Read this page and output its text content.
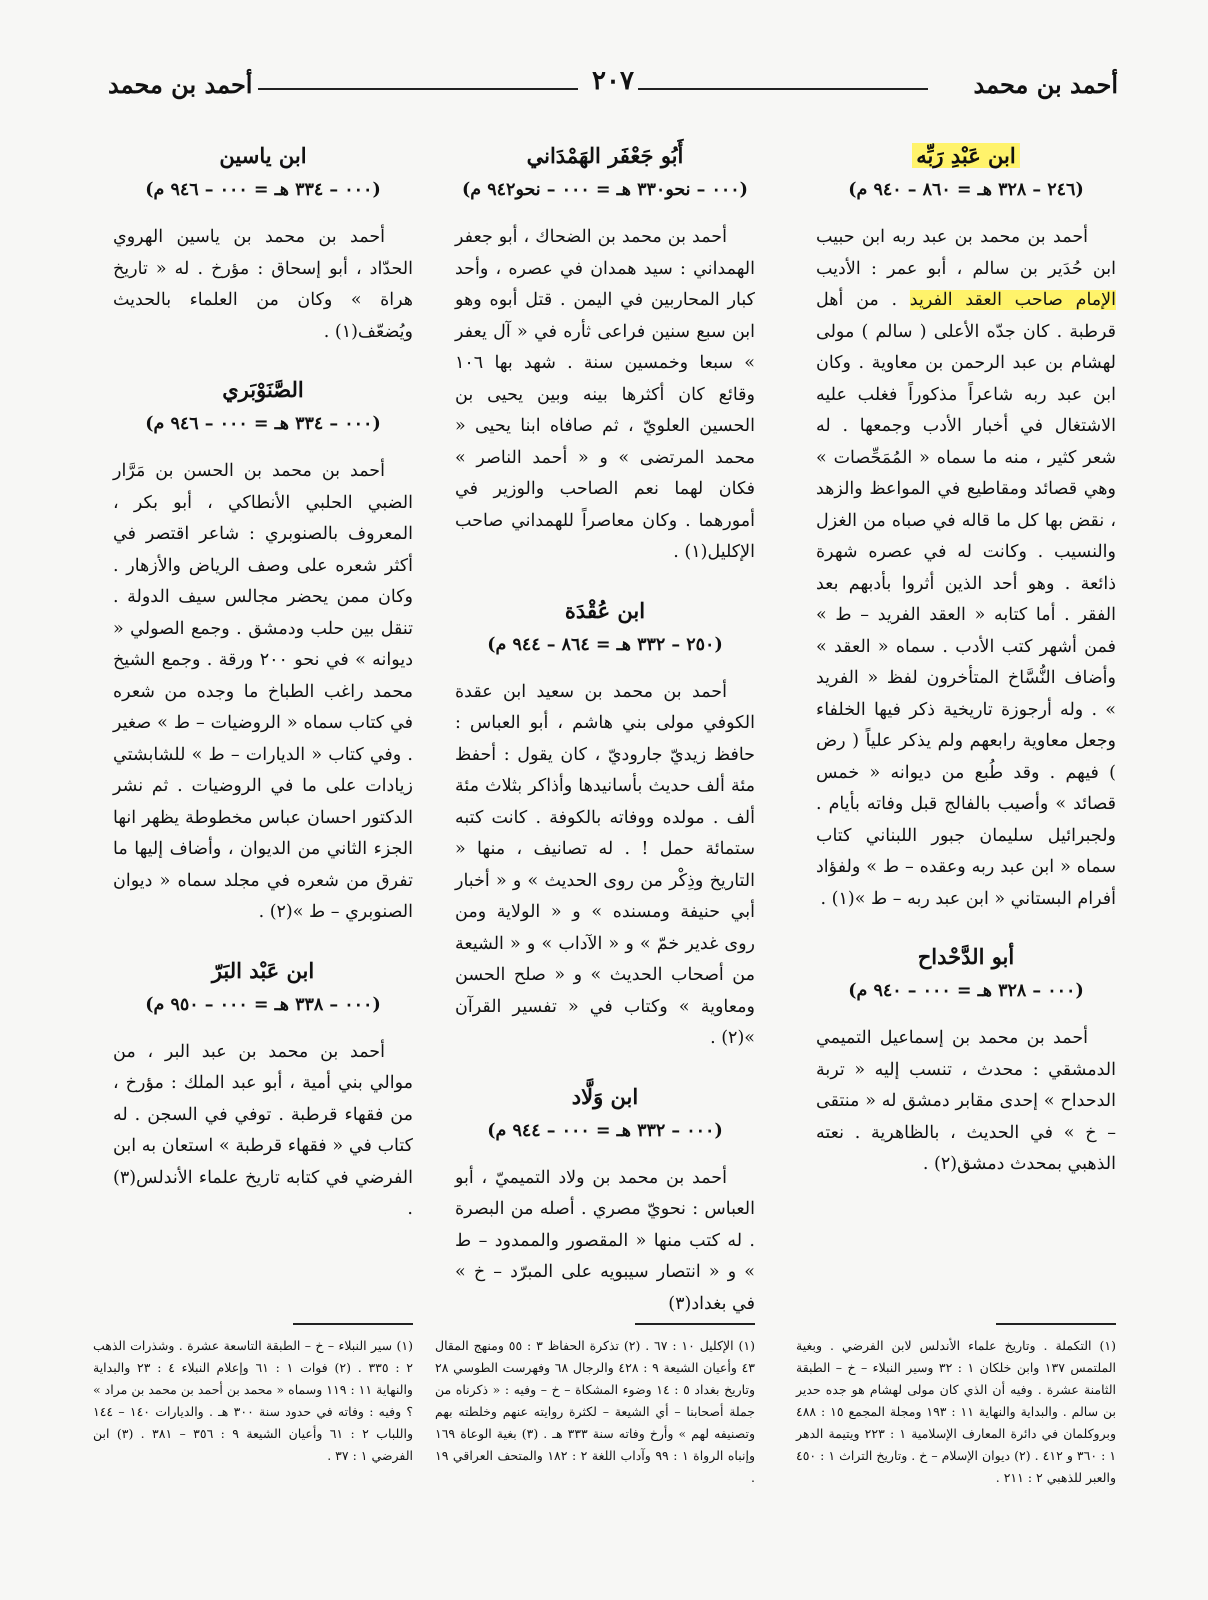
أحمد بن محمد
٢٠٧
أحمد بن محمد
ابن عَبْدِ رَبِّه
(٢٤٦ – ٣٢٨ هـ = ٨٦٠ – ٩٤٠ م)
أحمد بن محمد بن عبد ربه ابن حبيب ابن حُدَير بن سالم ، أبو عمر : الأديب الإمام صاحب العقد الفريد . من أهل قرطبة . كان جدّه الأعلى ( سالم ) مولى لهشام بن عبد الرحمن بن معاوية . وكان ابن عبد ربه شاعراً مذكوراً فغلب عليه الاشتغال في أخبار الأدب وجمعها . له شعر كثير ، منه ما سماه « المُمَحِّصات » وهي قصائد ومقاطيع في المواعظ والزهد ، نقض بها كل ما قاله في صباه من الغزل والنسيب . وكانت له في عصره شهرة ذائعة . وهو أحد الذين أثروا بأدبهم بعد الفقر . أما كتابه « العقد الفريد – ط » فمن أشهر كتب الأدب . سماه « العقد » وأضاف النُّسَّاخ المتأخرون لفظ « الفريد » . وله أرجوزة تاريخية ذكر فيها الخلفاء وجعل معاوية رابعهم ولم يذكر علياً ( رض ) فيهم . وقد طُبع من ديوانه « خمس قصائد » وأصيب بالفالج قبل وفاته بأيام . ولجبرائيل سليمان جبور اللبناني كتاب سماه « ابن عبد ربه وعقده – ط » ولفؤاد أفرام البستاني « ابن عبد ربه – ط »(١) .
أبو الدَّحْداح
(٠٠٠ – ٣٢٨ هـ = ٠٠٠ – ٩٤٠ م)
أحمد بن محمد بن إسماعيل التميمي الدمشقي : محدث ، تنسب إليه « تربة الدحداح » إحدى مقابر دمشق له « منتقى – خ » في الحديث ، بالظاهرية . نعته الذهبي بمحدث دمشق(٢) .
أَبُو جَعْفَر الهَمْدَاني
(٠٠٠ – نحو٣٣٠ هـ = ٠٠٠ – نحو٩٤٢ م)
أحمد بن محمد بن الضحاك ، أبو جعفر الهمداني : سيد همدان في عصره ، وأحد كبار المحاربين في اليمن . قتل أبوه وهو ابن سبع سنين فراعى ثأره في « آل يعفر » سبعا وخمسين سنة . شهد بها ١٠٦ وقائع كان أكثرها بينه وبين يحيى بن الحسين العلويّ ، ثم صافاه ابنا يحيى « محمد المرتضى » و « أحمد الناصر » فكان لهما نعم الصاحب والوزير في أمورهما . وكان معاصراً للهمداني صاحب الإكليل(١) .
ابن عُقْدَة
(٢٥٠ – ٣٣٢ هـ = ٨٦٤ – ٩٤٤ م)
أحمد بن محمد بن سعيد ابن عقدة الكوفي مولى بني هاشم ، أبو العباس : حافظ زيديّ جاروديّ ، كان يقول : أحفظ مئة ألف حديث بأسانيدها وأذاكر بثلاث مئة ألف . مولده ووفاته بالكوفة . كانت كتبه ستمائة حمل ! . له تصانيف ، منها « التاريخ وذِكْر من روى الحديث » و « أخبار أبي حنيفة ومسنده » و « الولاية ومن روى غدير خمّ » و « الآداب » و « الشيعة من أصحاب الحديث » و « صلح الحسن ومعاوية » وكتاب في « تفسير القرآن »(٢) .
ابن وَلَّاد
(٠٠٠ – ٣٣٢ هـ = ٠٠٠ – ٩٤٤ م)
أحمد بن محمد بن ولاد التميميّ ، أبو العباس : نحويّ مصري . أصله من البصرة . له كتب منها « المقصور والممدود – ط » و « انتصار سيبويه على المبرّد – خ » في بغداد(٣)
ابن ياسين
(٠٠٠ – ٣٣٤ هـ = ٠٠٠ – ٩٤٦ م)
أحمد بن محمد بن ياسين الهروي الحدّاد ، أبو إسحاق : مؤرخ . له « تاريخ هراة » وكان من العلماء بالحديث ويُضعّف(١) .
الصَّنَوْبَري
(٠٠٠ – ٣٣٤ هـ = ٠٠٠ – ٩٤٦ م)
أحمد بن محمد بن الحسن بن مَرَّار الضبي الحلبي الأنطاكي ، أبو بكر ، المعروف بالصنوبري : شاعر اقتصر في أكثر شعره على وصف الرياض والأزهار . وكان ممن يحضر مجالس سيف الدولة . تنقل بين حلب ودمشق . وجمع الصولي « ديوانه » في نحو ٢٠٠ ورقة . وجمع الشيخ محمد راغب الطباخ ما وجده من شعره في كتاب سماه « الروضيات – ط » صغير . وفي كتاب « الديارات – ط » للشابشتي زيادات على ما في الروضيات . ثم نشر الدكتور احسان عباس مخطوطة يظهر انها الجزء الثاني من الديوان ، وأضاف إليها ما تفرق من شعره في مجلد سماه « ديوان الصنوبري – ط »(٢) .
ابن عَبْد البَرّ
(٠٠٠ – ٣٣٨ هـ = ٠٠٠ – ٩٥٠ م)
أحمد بن محمد بن عبد البر ، من موالي بني أمية ، أبو عبد الملك : مؤرخ ، من فقهاء قرطبة . توفي في السجن . له كتاب في « فقهاء قرطبة » استعان به ابن الفرضي في كتابه تاريخ علماء الأندلس(٣) .
(١) التكملة . وتاريخ علماء الأندلس لابن الفرضي . وبغية الملتمس ١٣٧ وابن خلكان ١ : ٣٢ وسير النبلاء – خ – الطبقة الثامنة عشرة . وفيه أن الذي كان مولى لهشام هو جده حدير بن سالم . والبداية والنهاية ١١ : ١٩٣ ومجلة المجمع ١٥ : ٤٨٨ وبروكلمان في دائرة المعارف الإسلامية ١ : ٢٢٣ ويتيمة الدهر ١ : ٣٦٠ و ٤١٢ . (٢) ديوان الإسلام – خ . وتاريخ التراث ١ : ٤٥٠ والعبر للذهبي ٢ : ٢١١ .
(١) الإكليل ١٠ : ٦٧ . (٢) تذكرة الحفاظ ٣ : ٥٥ ومنهج المقال ٤٣ وأعيان الشيعة ٩ : ٤٢٨ والرجال ٦٨ وفهرست الطوسي ٢٨ وتاريخ بغداد ٥ : ١٤ وضوء المشكاة – خ – وفيه : « ذكرناه من جملة أصحابنا – أي الشيعة – لكثرة روايته عنهم وخلطته بهم وتصنيفه لهم » وأرخ وفاته سنة ٣٣٣ هـ . (٣) بغية الوعاة ١٦٩ وإنباه الرواة ١ : ٩٩ وآداب اللغة ٢ : ١٨٢ والمتحف العراقي ١٩ .
(١) سير النبلاء – خ – الطبقة التاسعة عشرة . وشذرات الذهب ٢ : ٣٣٥ . (٢) فوات ١ : ٦١ وإعلام النبلاء ٤ : ٢٣ والبداية والنهاية ١١ : ١١٩ وسماه « محمد بن أحمد بن محمد بن مراد » ؟ وفيه : وفاته في حدود سنة ٣٠٠ هـ . والديارات ١٤٠ – ١٤٤ واللباب ٢ : ٦١ وأعيان الشيعة ٩ : ٣٥٦ – ٣٨١ . (٣) ابن الفرضي ١ : ٣٧ .
